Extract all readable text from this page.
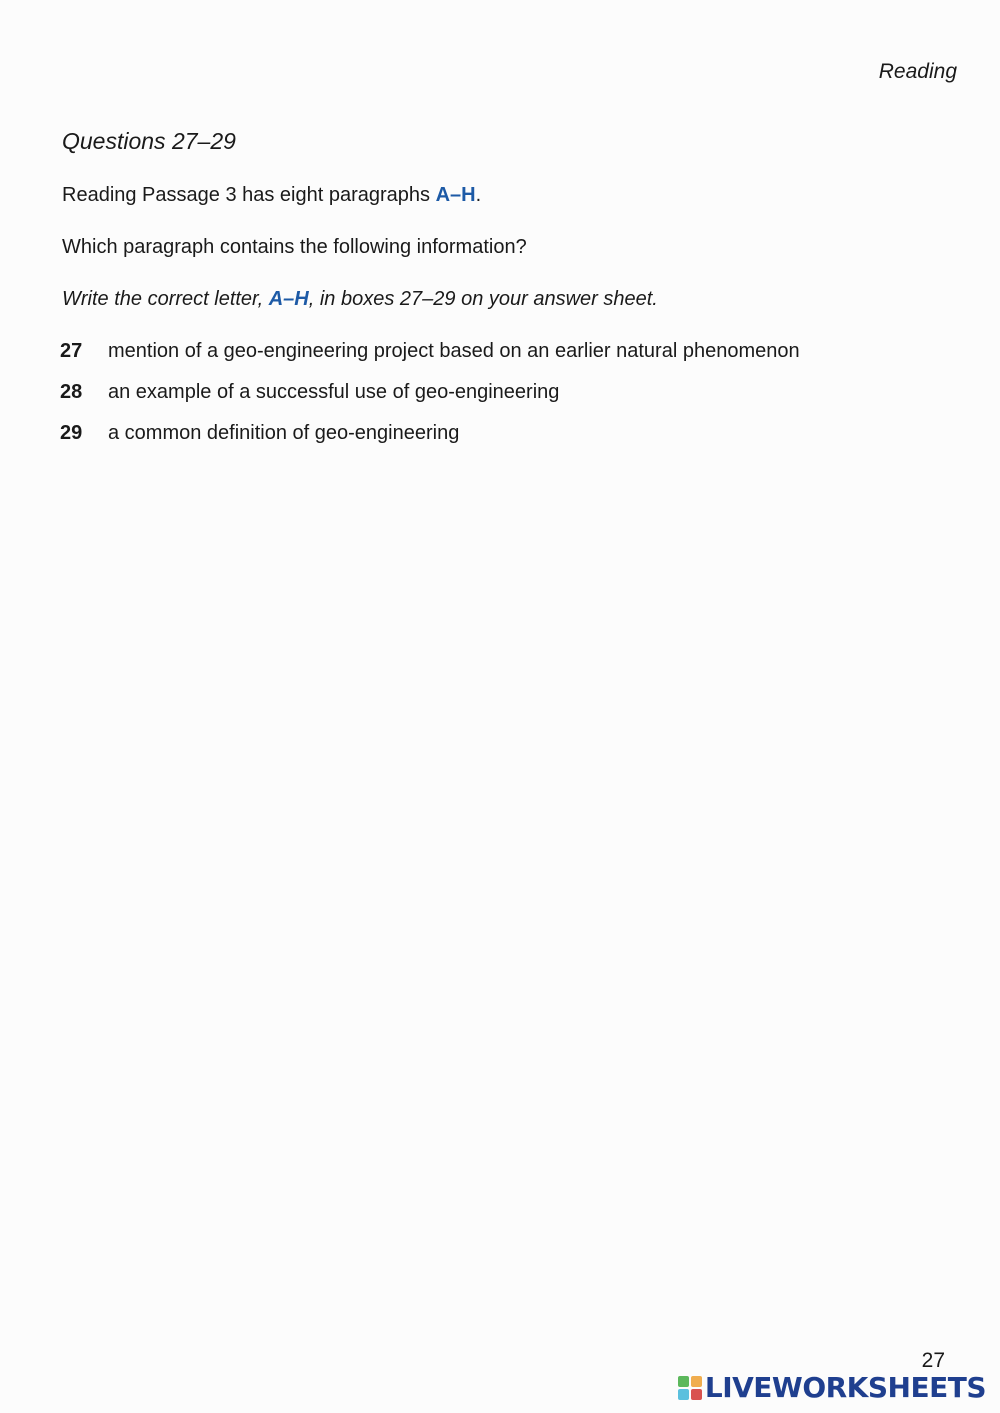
Reading
Questions 27–29
Reading Passage 3 has eight paragraphs A–H.
Which paragraph contains the following information?
Write the correct letter, A–H, in boxes 27–29 on your answer sheet.
27 mention of a geo-engineering project based on an earlier natural phenomenon
28 an example of a successful use of geo-engineering
29 a common definition of geo-engineering
27
LIVEWORKSHEETS
